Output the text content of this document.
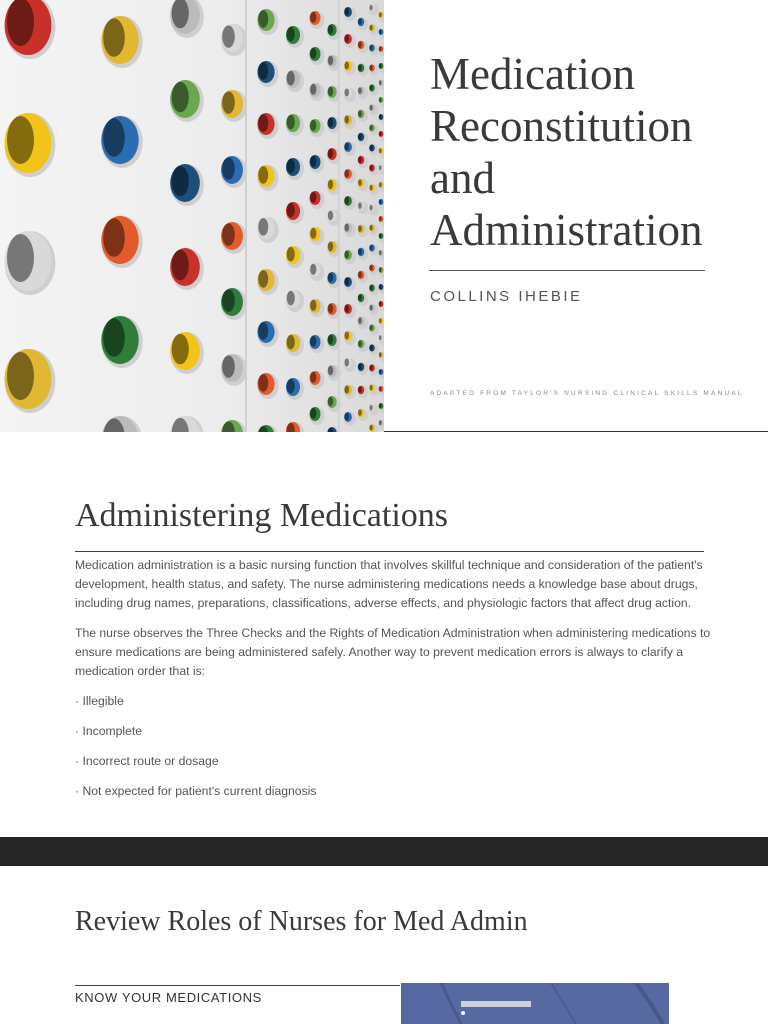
Medication
Reconstitution
and
Administration
COLLINS IHEBIE
ADAPTED FROM TAYLOR'S NURSING CLINICAL SKILLS MANUAL
Administering Medications

Medication administration is a basic nursing function that involves skillful technique and consideration of the patient's development, health status, and safety. The nurse administering medications needs a knowledge base about drugs, including drug names, preparations, classifications, adverse effects, and physiologic factors that affect drug action.

The nurse observes the Three Checks and the Rights of Medication Administration when administering medications to ensure medications are being administered safely. Another way to prevent medication errors is always to clarify a medication order that is:

· Illegible
· Incomplete
· Incorrect route or dosage
· Not expected for patient's current diagnosis
Review Roles of Nurses for Med Admin
KNOW YOUR MEDICATIONS
